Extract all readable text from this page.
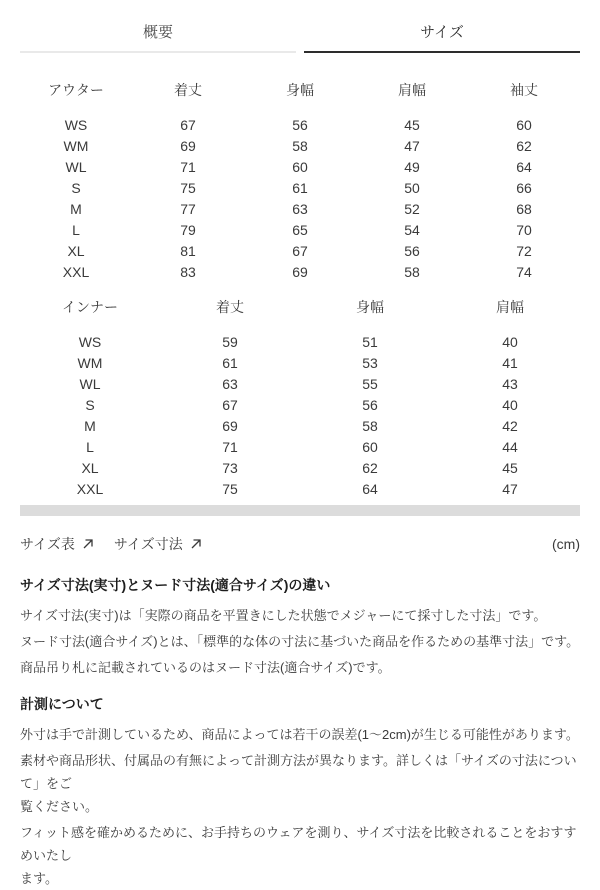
概要	サイズ
アウター	着丈	身幅	肩幅	袖丈
WS	67	56	45	60
WM	69	58	47	62
WL	71	60	49	64
S	75	61	50	66
M	77	63	52	68
L	79	65	54	70
XL	81	67	56	72
XXL	83	69	58	74
インナー	着丈	身幅	肩幅
WS	59	51	40
WM	61	53	41
WL	63	55	43
S	67	56	40
M	69	58	42
L	71	60	44
XL	73	62	45
XXL	75	64	47
サイズ表	サイズ寸法	(cm)
サイズ寸法(実寸)とヌード寸法(適合サイズ)の違い

サイズ寸法(実寸)は「実際の商品を平置きにした状態でメジャーにて採寸した寸法」です。

ヌード寸法(適合サイズ)とは、「標準的な体の寸法に基づいた商品を作るための基準寸法」です。

商品吊り札に記載されているのはヌード寸法(適合サイズ)です。

計測について

外寸は手で計測しているため、商品によっては若干の誤差(1〜2cm)が生じる可能性があります。

素材や商品形状、付属品の有無によって計測方法が異なります。詳しくは「サイズの寸法について」をご
覧ください。

フィット感を確かめるために、お手持ちのウェアを測り、サイズ寸法を比較されることをおすすめいたし
ます。
